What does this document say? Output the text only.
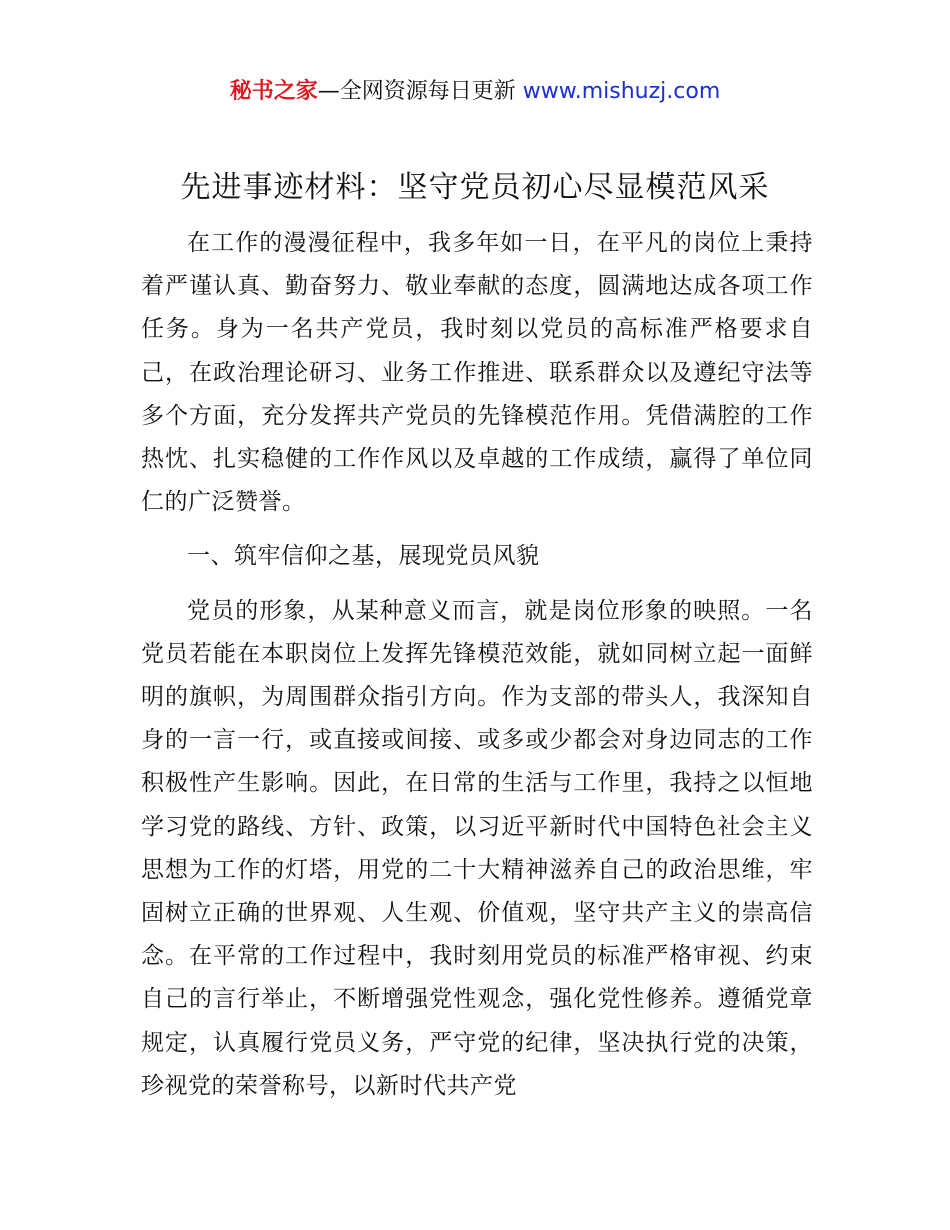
秘书之家—全网资源每日更新 www.mishuzj.com
先进事迹材料：坚守党员初心尽显模范风采

在工作的漫漫征程中，我多年如一日，在平凡的岗位上秉持着严谨认真、勤奋努力、敬业奉献的态度，圆满地达成各项工作任务。身为一名共产党员，我时刻以党员的高标准严格要求自己，在政治理论研习、业务工作推进、联系群众以及遵纪守法等多个方面，充分发挥共产党员的先锋模范作用。凭借满腔的工作热忱、扎实稳健的工作作风以及卓越的工作成绩，赢得了单位同仁的广泛赞誉。

一、筑牢信仰之基，展现党员风貌

党员的形象，从某种意义而言，就是岗位形象的映照。一名党员若能在本职岗位上发挥先锋模范效能，就如同树立起一面鲜明的旗帜，为周围群众指引方向。作为支部的带头人，我深知自身的一言一行，或直接或间接、或多或少都会对身边同志的工作积极性产生影响。因此，在日常的生活与工作里，我持之以恒地学习党的路线、方针、政策，以习近平新时代中国特色社会主义思想为工作的灯塔，用党的二十大精神滋养自己的政治思维，牢固树立正确的世界观、人生观、价值观，坚守共产主义的崇高信念。在平常的工作过程中，我时刻用党员的标准严格审视、约束自己的言行举止，不断增强党性观念，强化党性修养。遵循党章规定，认真履行党员义务，严守党的纪律，坚决执行党的决策，珍视党的荣誉称号，以新时代共产党
